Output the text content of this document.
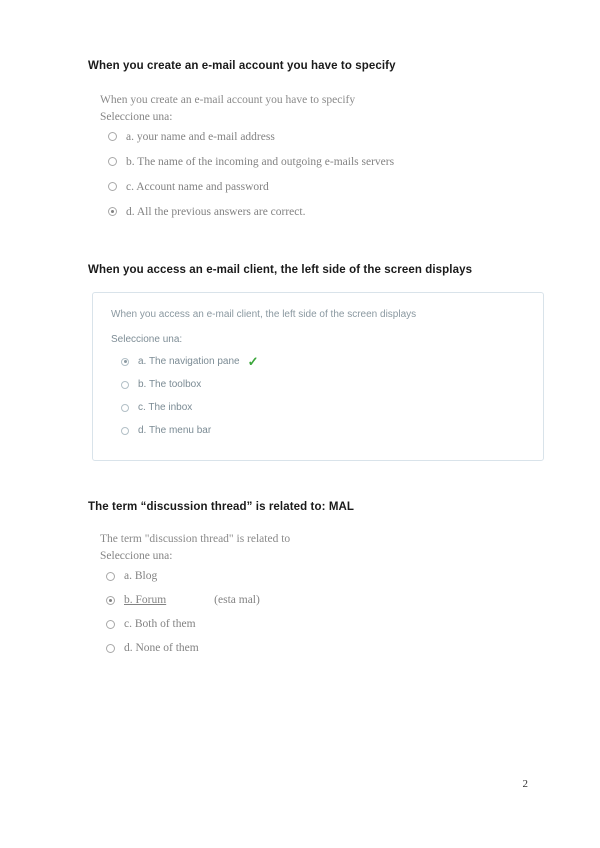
When you create an e-mail account you have to specify

When you create an e-mail account you have to specify
Seleccione una:
a. your name and e-mail address
b. The name of the incoming and outgoing e-mails servers
c. Account name and password
d. All the previous answers are correct.

When you access an e-mail client, the left side of the screen displays

When you access an e-mail client, the left side of the screen displays
Seleccione una:
a. The navigation pane ✓
b. The toolbox
c. The inbox
d. The menu bar

The term “discussion thread” is related to: MAL

The term "discussion thread" is related to
Seleccione una:
a. Blog
b. Forum	(esta mal)
c. Both of them
d. None of them
2
